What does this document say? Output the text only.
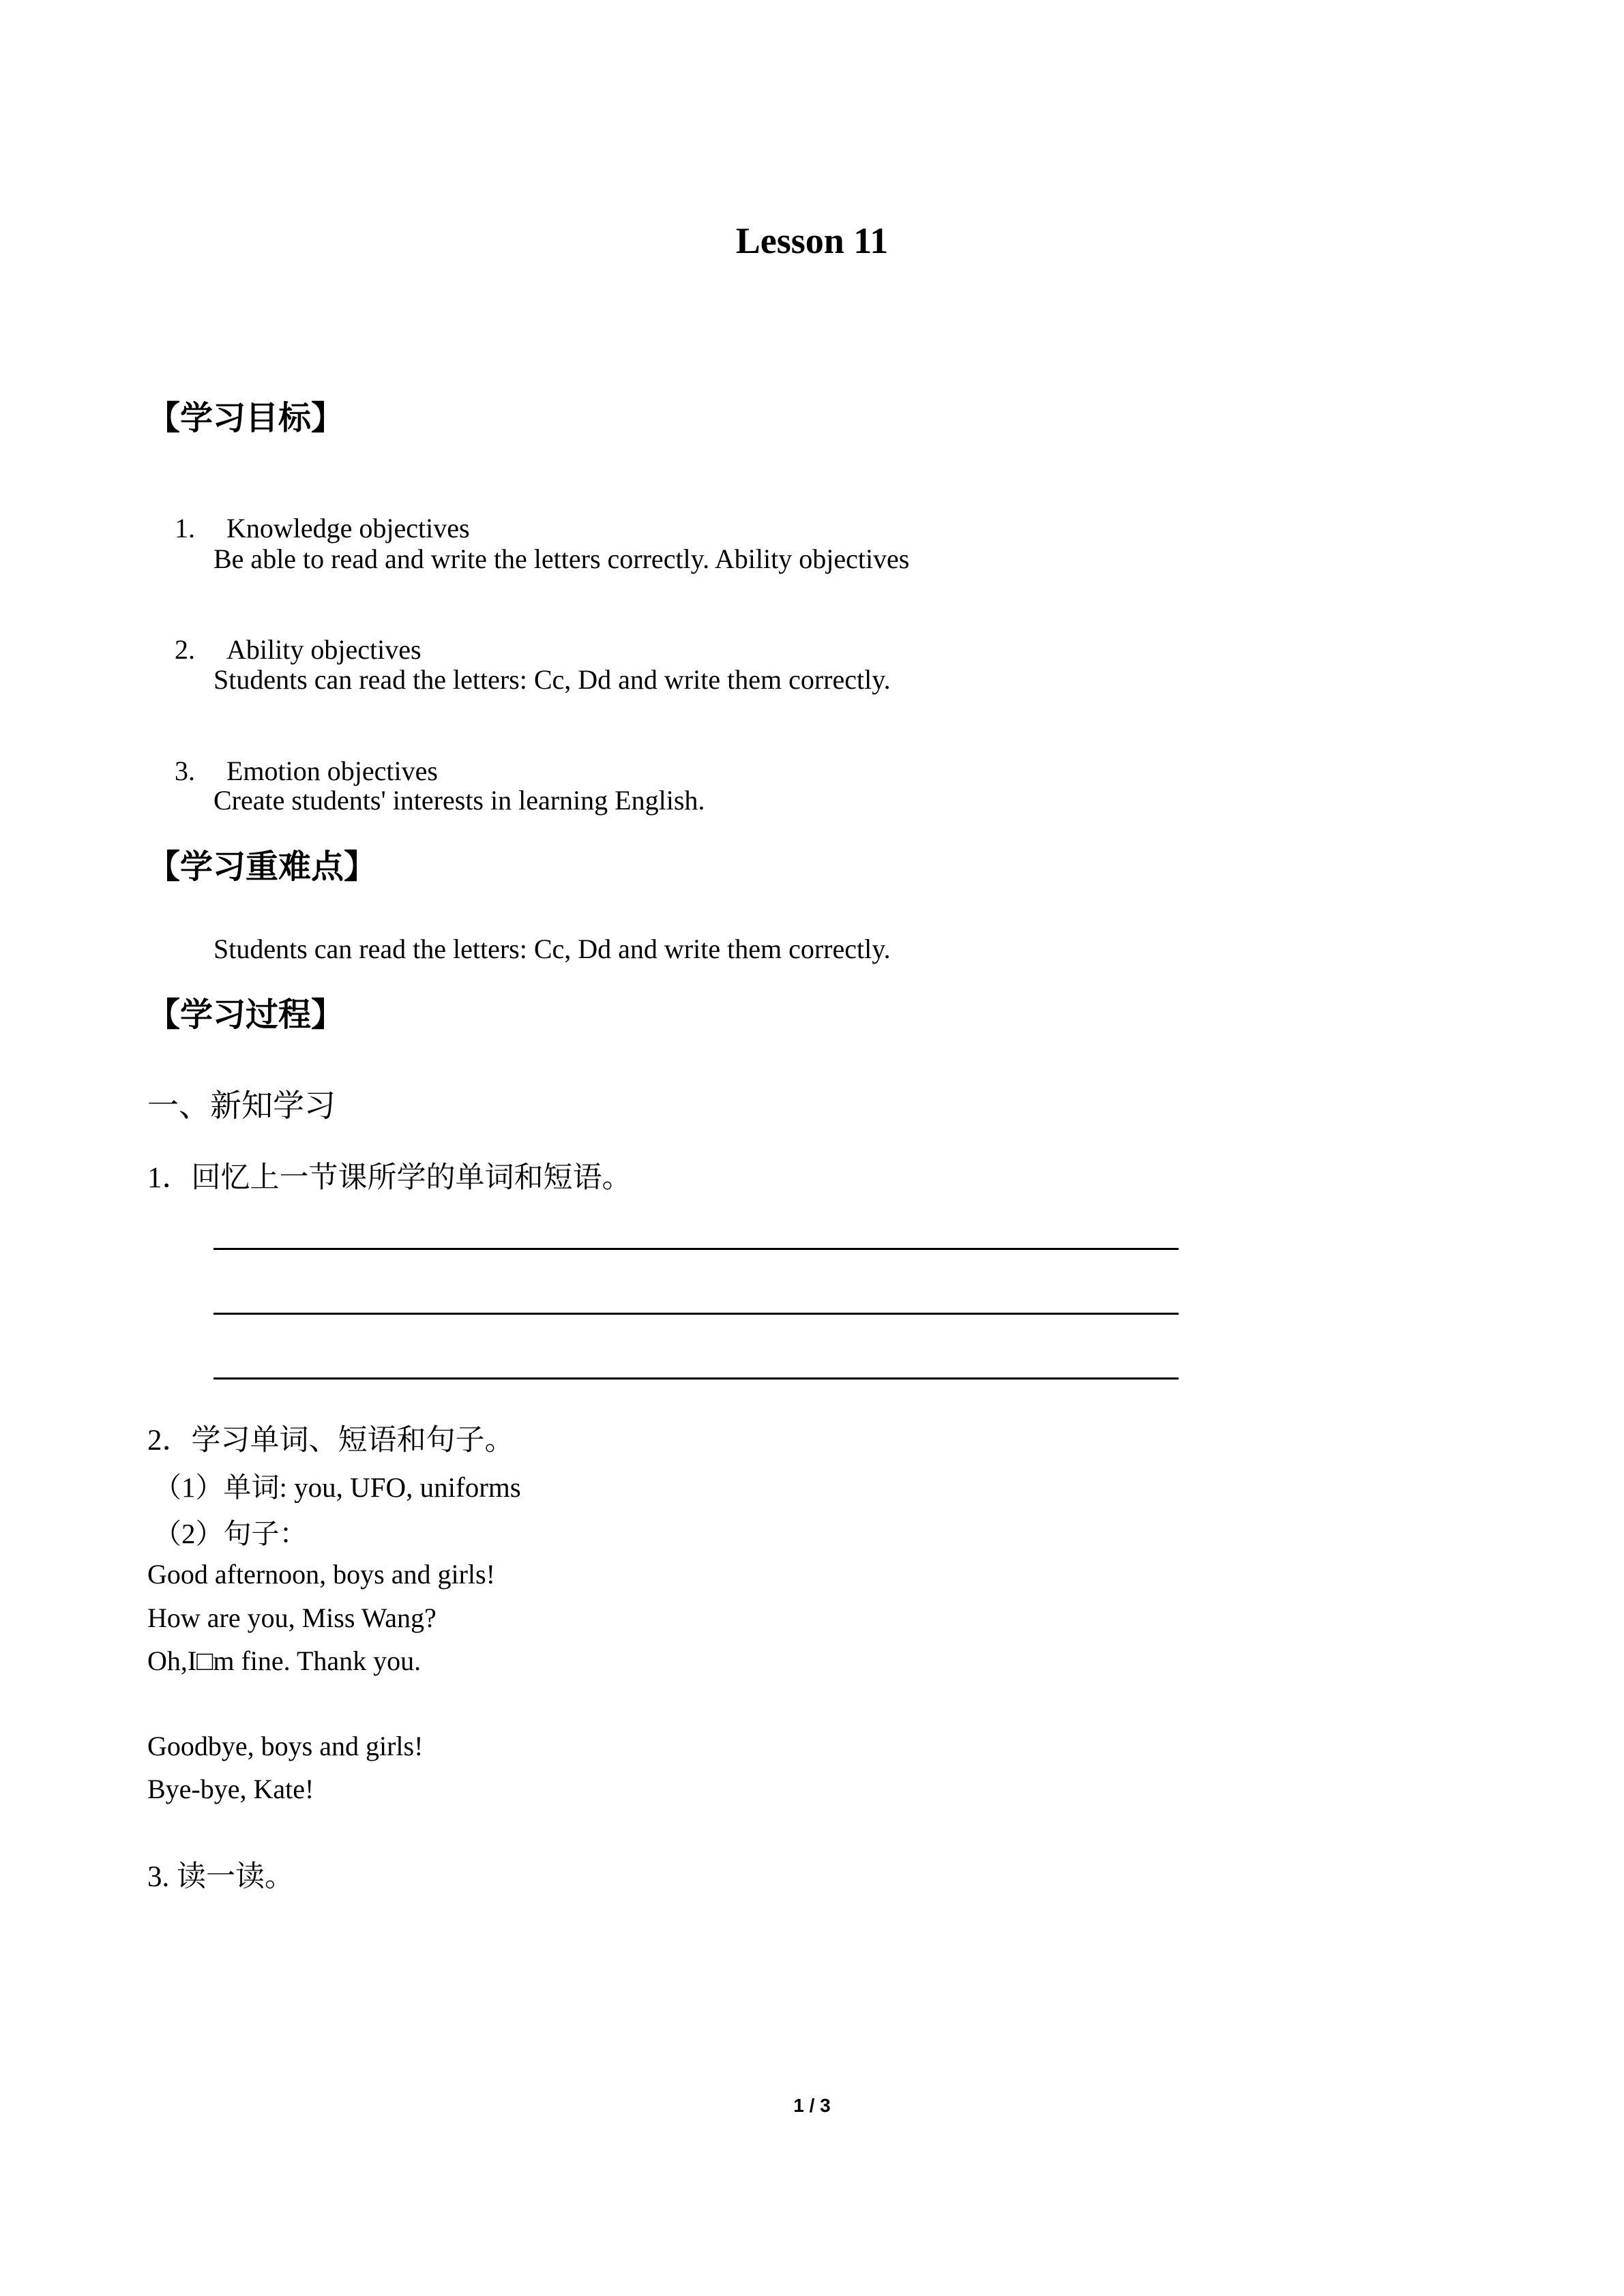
Lesson 11
【学习目标】

1. Knowledge objectives

Be able to read and write the letters correctly. Ability objectives

2. Ability objectives

Students can read the letters: Cc, Dd and write them correctly.

3. Emotion objectives

Create students' interests in learning English.
【学习重难点】
Students can read the letters: Cc, Dd and write them correctly.
【学习过程】
一、新知学习
1．回忆上一节课所学的单词和短语。
2．学习单词、短语和句子。
（1）单词: you, UFO, uniforms
（2）句子：
Good afternoon, boys and girls!
How are you, Miss Wang?
Oh,I□m fine. Thank you.
Goodbye, boys and girls!
Bye-bye, Kate!
3. 读一读。
1 / 3
